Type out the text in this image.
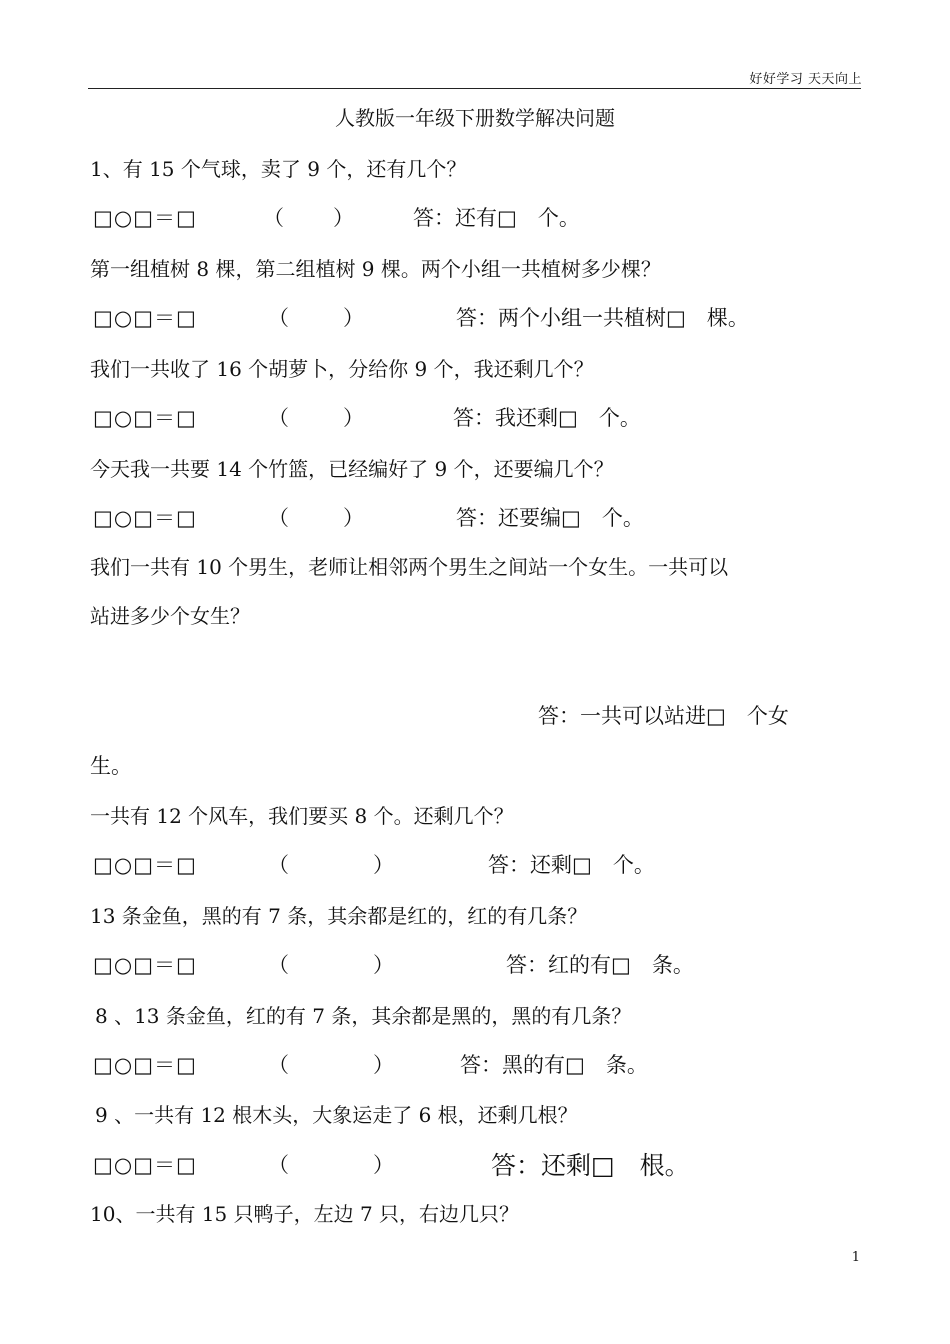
好好学习 天天向上
人教版一年级下册数学解决问题
1、有 15 个气球，卖了 9 个，还有几个？
□○□＝□	（ ）	答：还有□　个。
第一组植树 8 棵，第二组植树 9 棵。两个小组一共植树多少棵？
□○□＝□	（	）	答：两个小组一共植树□　棵。
我们一共收了 16 个胡萝卜，分给你 9 个，我还剩几个？
□○□＝□	（	）	答：我还剩□　个。
今天我一共要 14 个竹篮，已经编好了 9 个，还要编几个？
□○□＝□	（	）	答：还要编□　个。
我们一共有 10 个男生，老师让相邻两个男生之间站一个女生。一共可以
站进多少个女生？
答：一共可以站进□　个女
生。
一共有 12 个风车，我们要买 8 个。还剩几个？
□○□＝□	（	）	答：还剩□　个。
13 条金鱼，黑的有 7 条，其余都是红的，红的有几条？
□○□＝□	（	）	答：红的有□　条。
8 、13 条金鱼，红的有 7 条，其余都是黑的，黑的有几条？
□○□＝□	（	）	答：黑的有□　条。
9 、一共有 12 根木头，大象运走了 6 根，还剩几根？
□○□＝□	（	）	答：还剩□　根。
10、一共有 15 只鸭子，左边 7 只，右边几只？
1
